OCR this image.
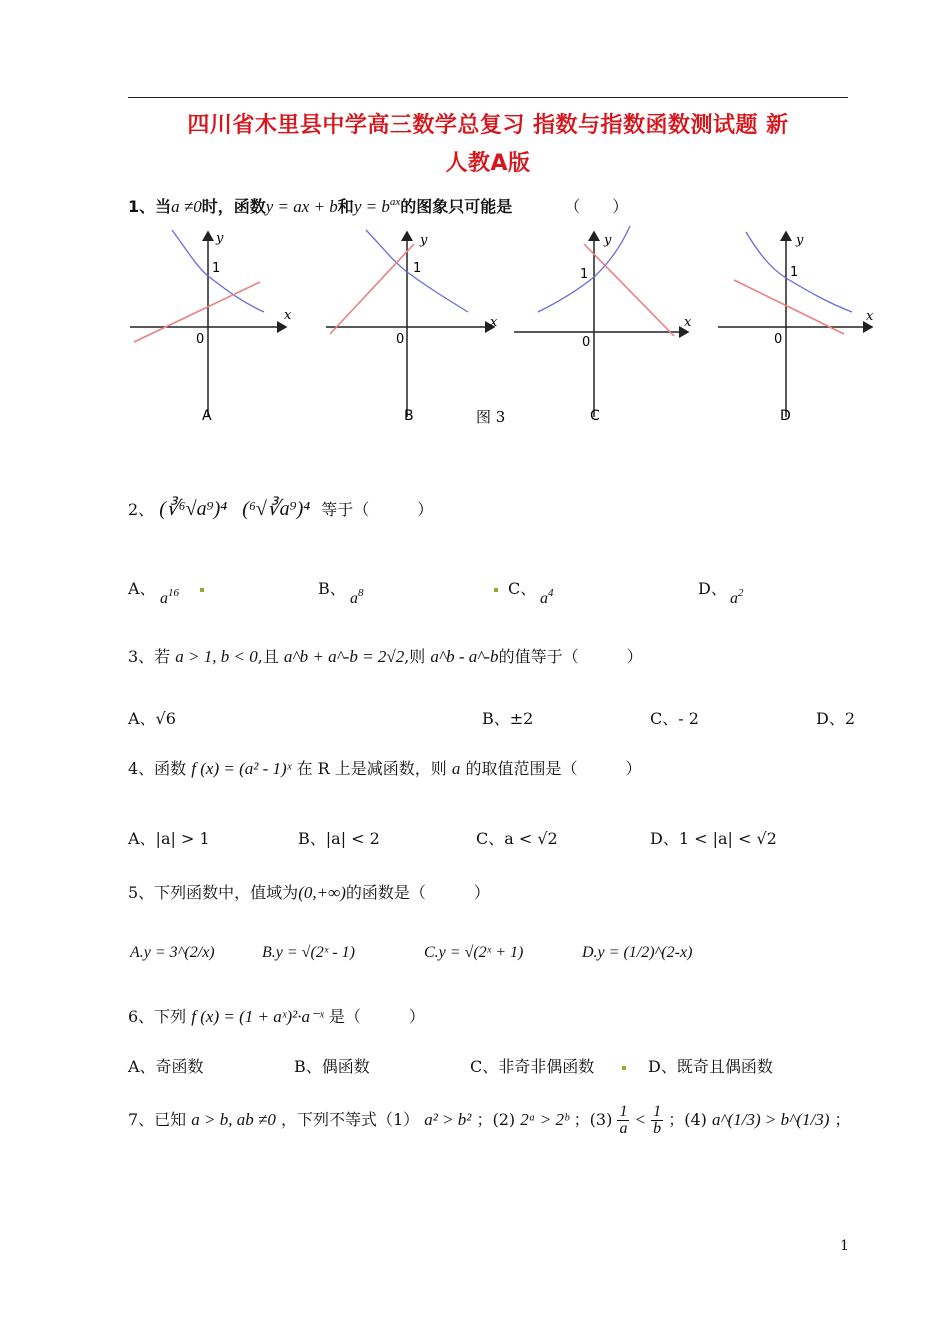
四川省木里县中学高三数学总复习 指数与指数函数测试题 新
人教A版
1、当a ≠0时，函数y = ax + b和$y = b^{ax}$的图象只可能是	（　　）
x
y
0
1
A
x
y
0
1
B	图 3
x
y
0
1
C
x
y
0
1
D
2、 (∛⁶√a⁹)⁴ (⁶√∛a⁹)⁴ 等于（　　　）
A、
$a^{16}$	B、
$a^8$	C、
$a^4$	D、
$a^2$
3、若 a > 1, b < 0,且 a^b + a^-b = 2√2,则 a^b - a^-b的值等于（　　　）
A、√6	B、±2	C、- 2	D、2
4、函数 f (x) = (a² - 1)ˣ 在 R 上是减函数，则 a 的取值范围是（　　　）
A、|a| > 1	B、|a| < 2	C、a < √2	D、1 < |a| < √2
5、下列函数中，值域为(0,+∞)的函数是（　　　）
A.y = 3^(2/x)	B.y = √(2ˣ - 1)	C.y = √(2ˣ + 1)	D.y = (1/2)^(2-x)
6、下列 f (x) = (1 + aˣ)²·a⁻ˣ 是（　　　）
A、奇函数	B、偶函数	C、非奇非偶函数	D、既奇且偶函数
7、已知 a > b, ab ≠0 ，下列不等式（1） a² > b² ；(2) 2ᵃ > 2ᵇ ；$(3) \frac{1}{a} < \frac{1}{b}$ ；(4) a^(1/3) > b^(1/3) ；
1
